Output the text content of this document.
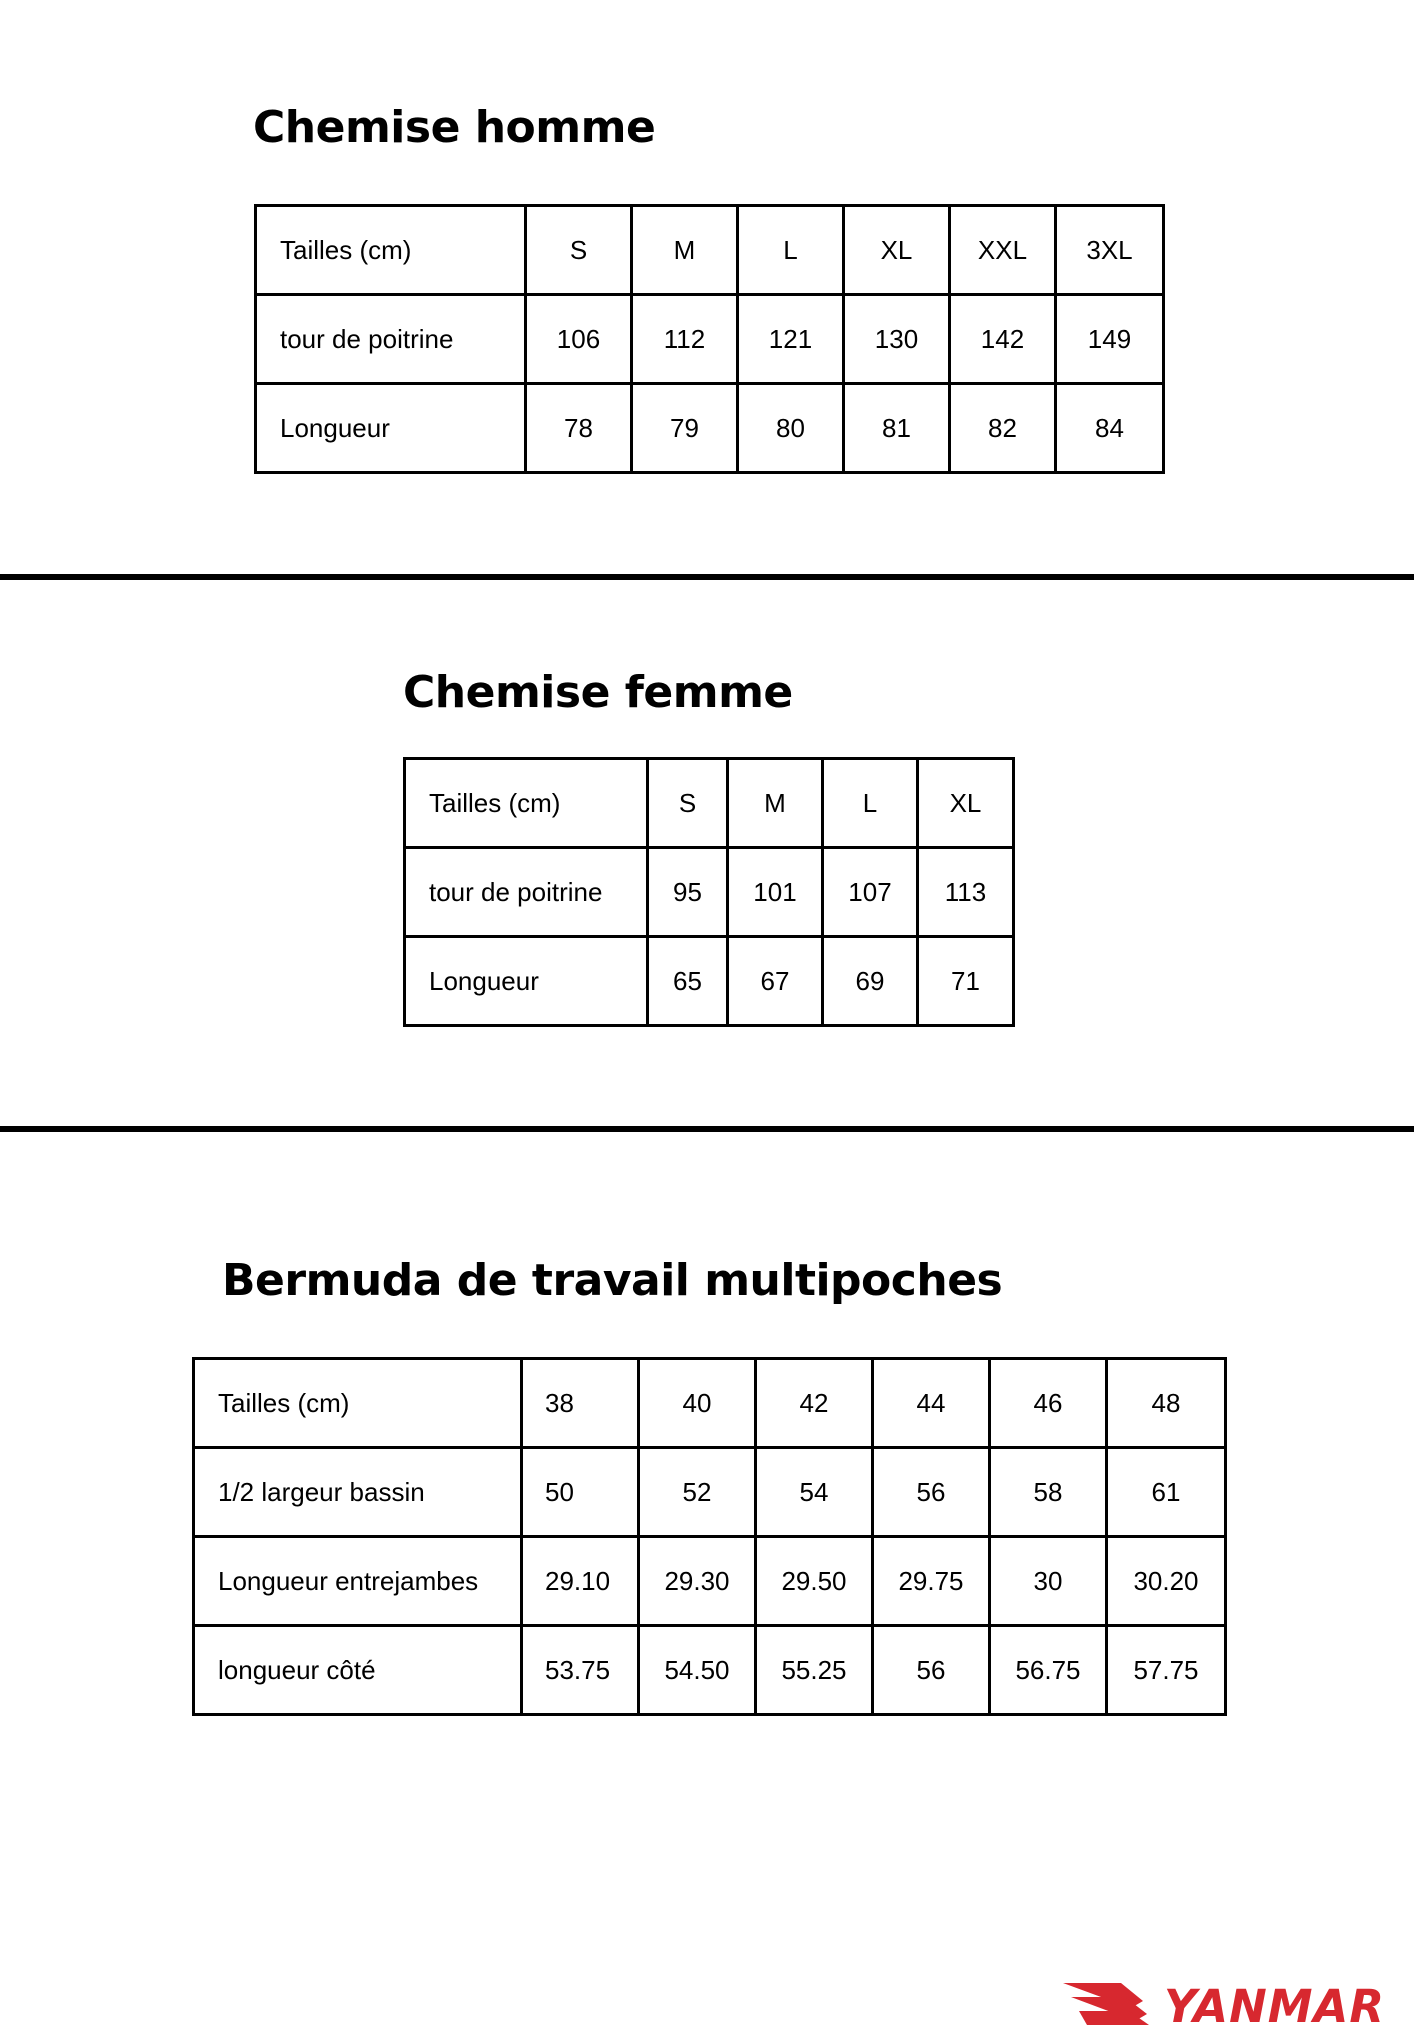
Chemise homme
Tailles (cm)	S	M	L	XL	XXL	3XL
tour de poitrine	106	112	121	130	142	149
Longueur	78	79	80	81	82	84
Chemise femme
Tailles (cm)	S	M	L	XL
tour de poitrine	95	101	107	113
Longueur	65	67	69	71
Bermuda de travail multipoches
Tailles (cm)	38	40	42	44	46	48
1/2 largeur bassin	50	52	54	56	58	61
Longueur entrejambes	29.10	29.30	29.50	29.75	30	30.20
longueur côté	53.75	54.50	55.25	56	56.75	57.75
YANMAR
